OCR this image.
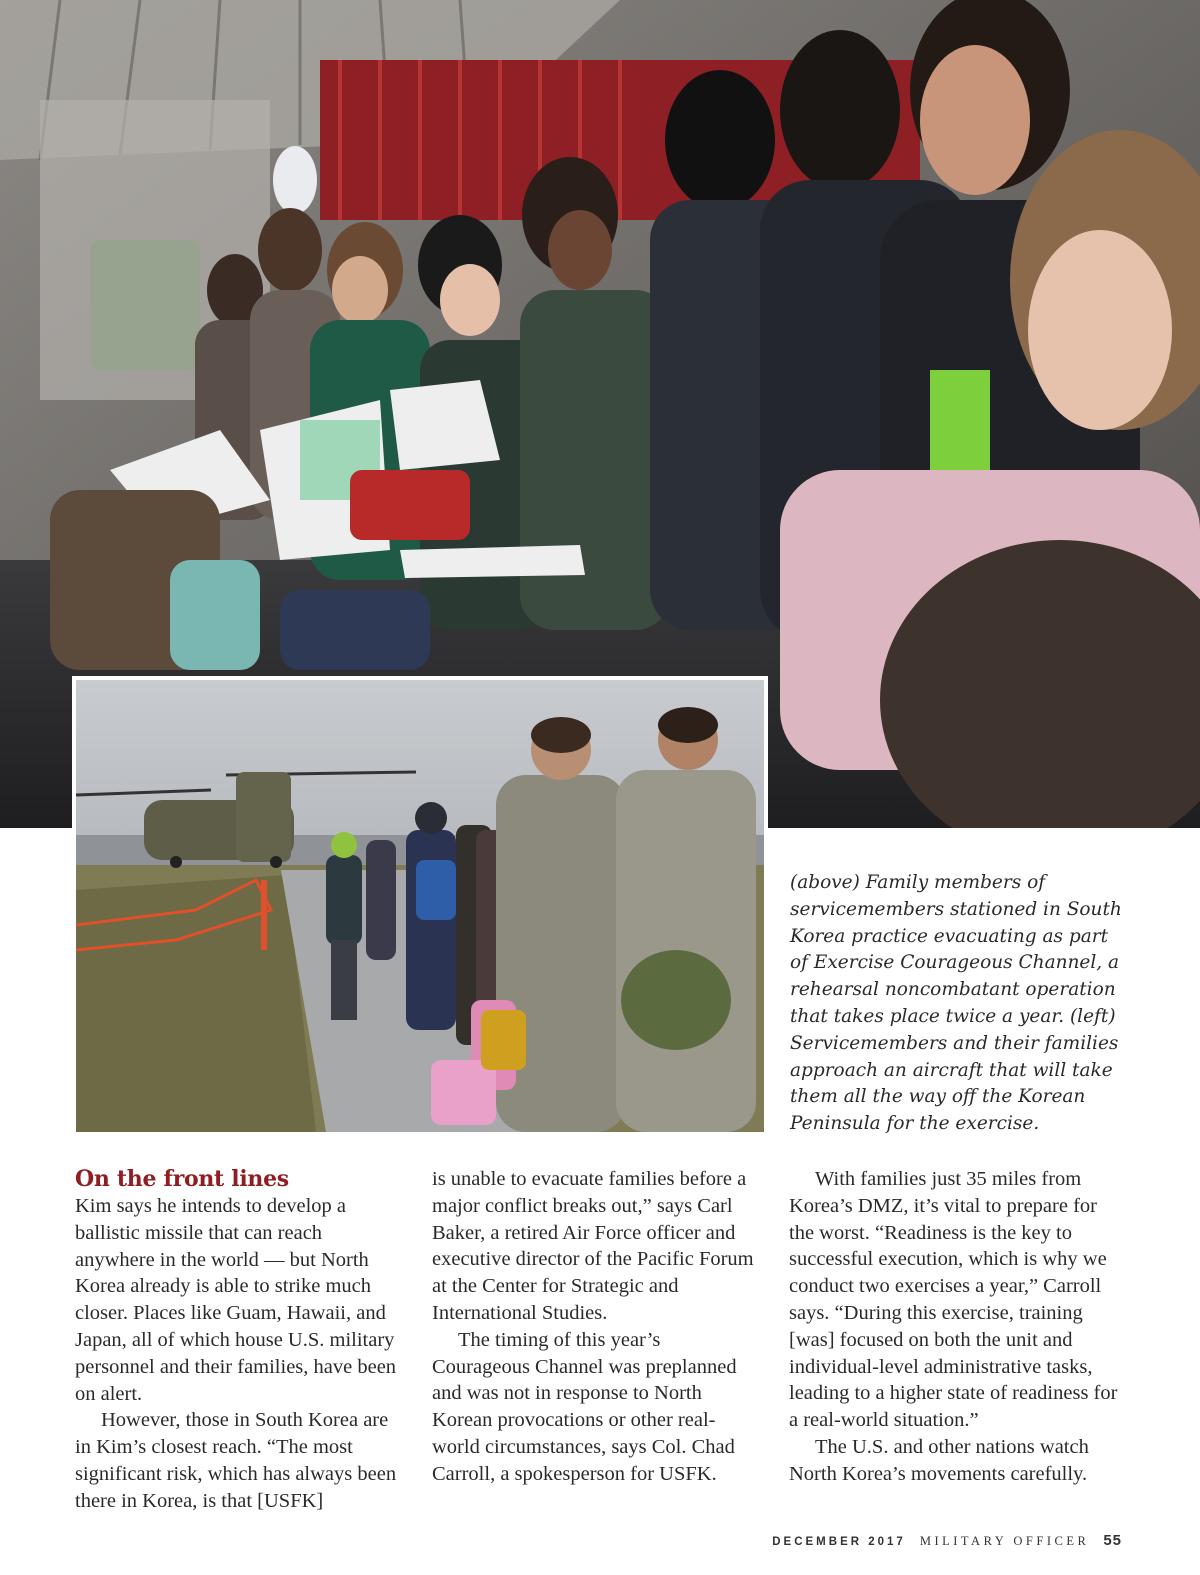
(above) Family members of servicemembers stationed in South Korea practice evacuating as part of Exercise Courageous Channel, a rehearsal noncombatant operation that takes place twice a year. (left) Servicemembers and their families approach an aircraft that will take them all the way off the Korean Peninsula for the exercise.
On the front lines

Kim says he intends to develop a ballistic missile that can reach anywhere in the world — but North Korea already is able to strike much closer. Places like Guam, Hawaii, and Japan, all of which house U.S. military personnel and their families, have been on alert.

However, those in South Korea are in Kim’s closest reach. “The most significant risk, which has always been there in Korea, is that [USFK]

is unable to evacuate families before a major conflict breaks out,” says Carl Baker, a retired Air Force officer and executive director of the Pacific Forum at the Center for Strategic and International Studies.

The timing of this year’s Courageous Channel was preplanned and was not in response to North Korean provocations or other real-world circumstances, says Col. Chad Carroll, a spokesperson for USFK.

With families just 35 miles from Korea’s DMZ, it’s vital to prepare for the worst. “Readiness is the key to successful execution, which is why we conduct two exercises a year,” Carroll says. “During this exercise, training [was] focused on both the unit and individual-level administrative tasks, leading to a higher state of readiness for a real-world situation.”

The U.S. and other nations watch North Korea’s movements carefully.

DECEMBER 2017 MILITARY OFFICER 55
